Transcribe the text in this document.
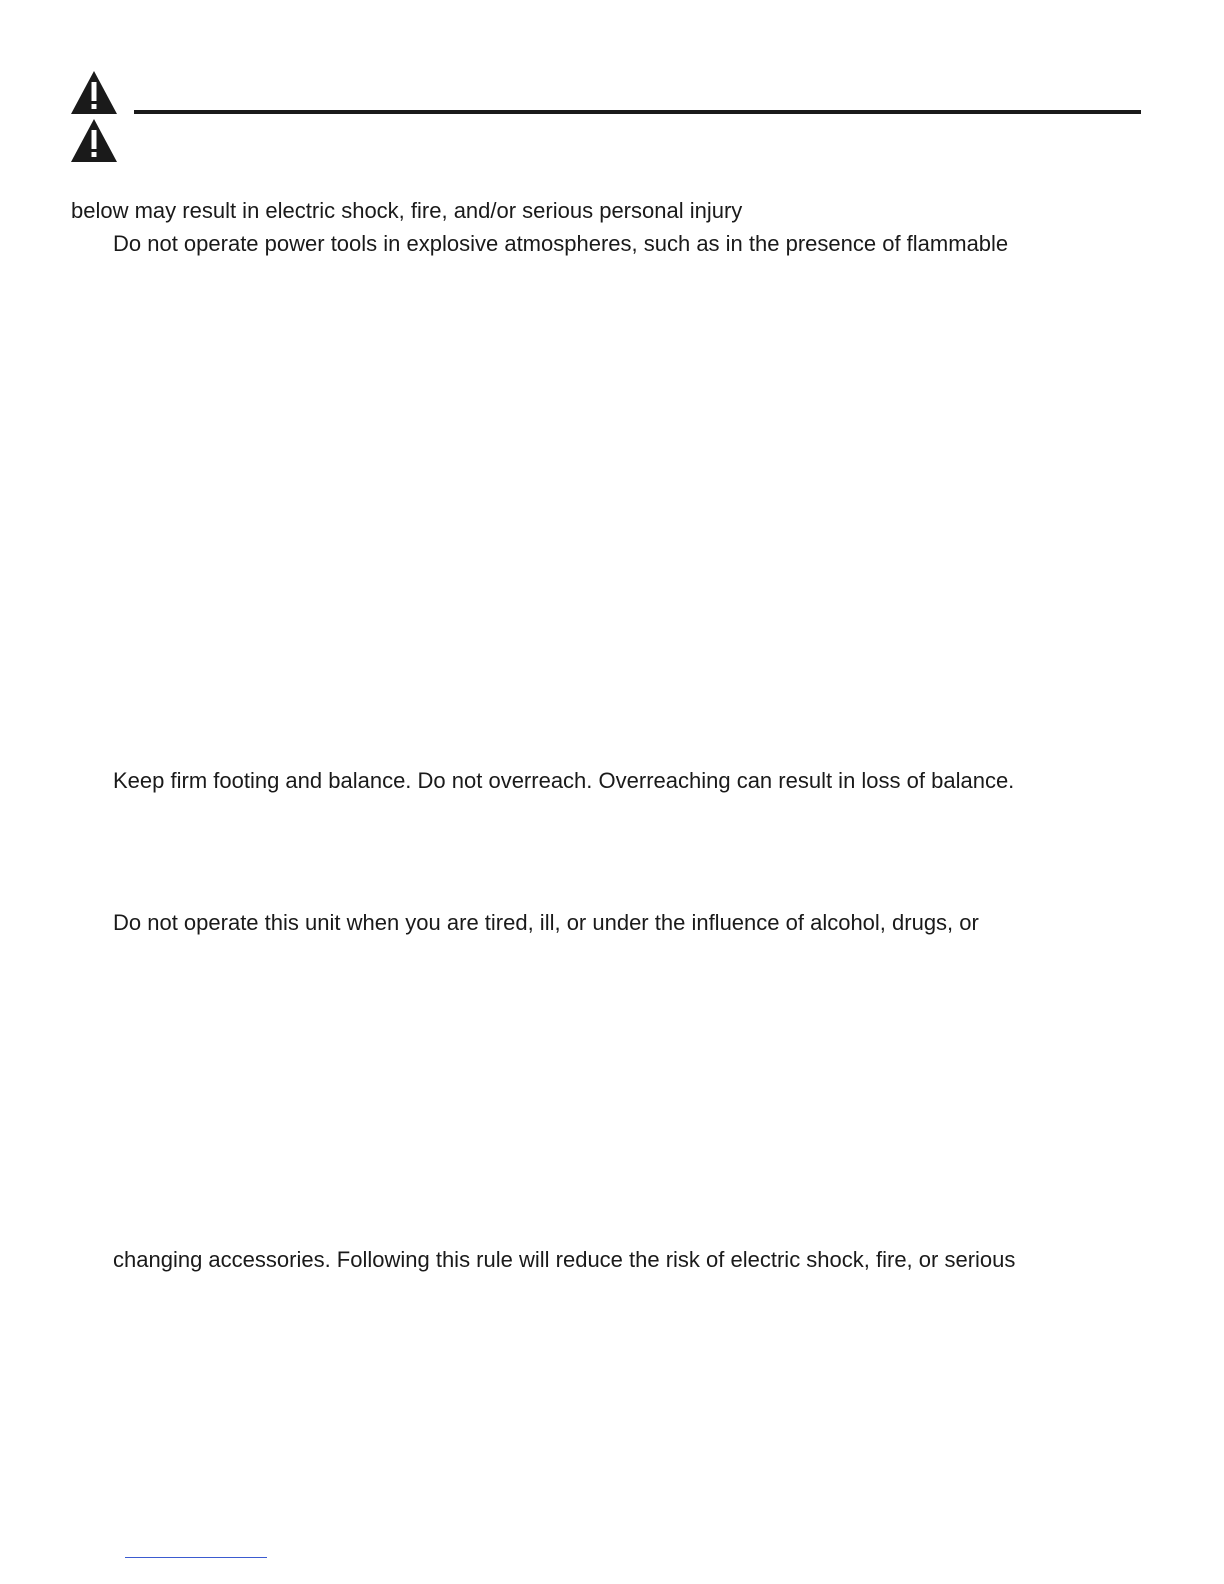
below may result in electric shock, fire, and/or serious personal injury
Do not operate power tools in explosive atmospheres, such as in the presence of flammable
Keep firm footing and balance. Do not overreach. Overreaching can result in loss of balance.
Do not operate this unit when you are tired, ill, or under the influence of alcohol, drugs, or
changing accessories. Following this rule will reduce the risk of electric shock, fire, or serious
